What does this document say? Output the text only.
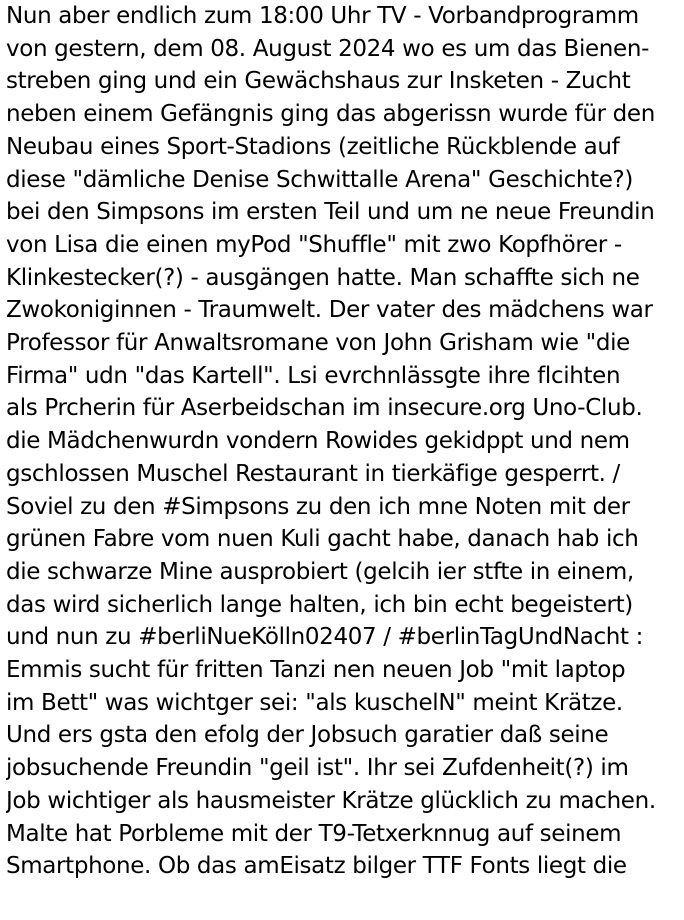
Nun aber endlich zum 18:00 Uhr TV - Vorbandprogramm
von gestern, dem 08. August 2024 wo es um das Bienen-
streben ging und ein Gewächshaus zur Insketen - Zucht
neben einem Gefängnis ging das abgerissn wurde für den
Neubau eines Sport-Stadions (zeitliche Rückblende auf
diese "dämliche Denise Schwittalle Arena" Geschichte?)
bei den Simpsons im ersten Teil und um ne neue Freundin
von Lisa die einen myPod "Shuffle" mit zwo Kopfhörer -
Klinkestecker(?) - ausgängen hatte. Man schaffte sich ne
Zwokoniginnen - Traumwelt. Der vater des mädchens war
Professor für Anwaltsromane von John Grisham wie "die
Firma" udn "das Kartell". Lsi evrchnlässgte ihre flcihten
als Prcherin für Aserbeidschan im insecure.org Uno-Club.
die Mädchenwurdn vondern Rowides gekidppt und nem
gschlossen Muschel Restaurant in tierkäfige gesperrt. /
Soviel zu den #Simpsons zu den ich mne Noten mit der
grünen Fabre vom nuen Kuli gacht habe, danach hab ich
die schwarze Mine ausprobiert (gelcih ier stfte in einem,
das wird sicherlich lange halten, ich bin echt begeistert)
und nun zu #berliNueKölln02407 / #berlinTagUndNacht :
Emmis sucht für fritten Tanzi nen neuen Job "mit laptop
im Bett" was wichtger sei: "als kuschelN" meint Krätze.
Und ers gsta den efolg der Jobsuch garatier daß seine
jobsuchende Freundin "geil ist". Ihr sei Zufdenheit(?) im
Job wichtiger als hausmeister Krätze glücklich zu machen.
Malte hat Porbleme mit der T9-Tetxerknnug auf seinem
Smartphone. Ob das amEisatz bilger TTF Fonts liegt die
